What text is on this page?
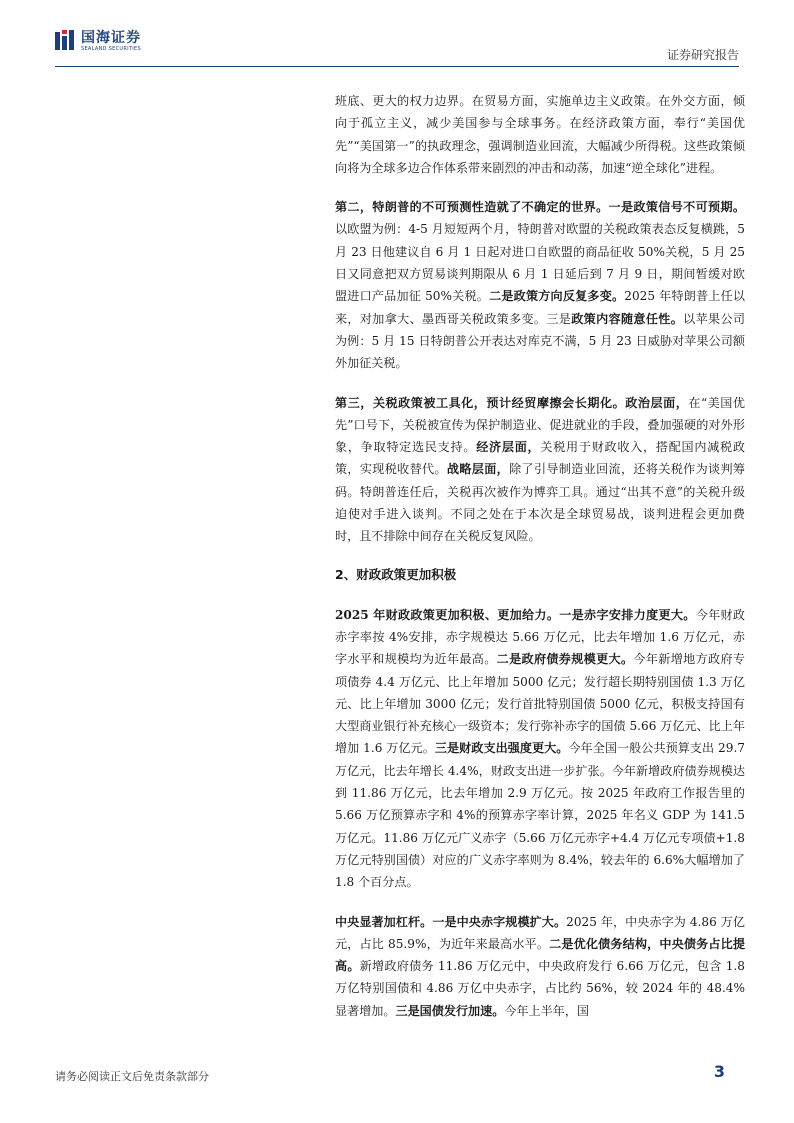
国海证券
SEALAND SECURITIES	证券研究报告

班底、更大的权力边界。在贸易方面，实施单边主义政策。在外交方面，倾向于孤立主义，减少美国参与全球事务。在经济政策方面，奉行“美国优先”“美国第一”的执政理念，强调制造业回流，大幅减少所得税。这些政策倾向将为全球多边合作体系带来剧烈的冲击和动荡，加速“逆全球化”进程。

第二，特朗普的不可预测性造就了不确定的世界。一是政策信号不可预期。以欧盟为例：4-5 月短短两个月，特朗普对欧盟的关税政策表态反复横跳，5 月 23 日他建议自 6 月 1 日起对进口自欧盟的商品征收 50%关税，5 月 25 日又同意把双方贸易谈判期限从 6 月 1 日延后到 7 月 9 日，期间暂缓对欧盟进口产品加征 50%关税。二是政策方向反复多变。2025 年特朗普上任以来，对加拿大、墨西哥关税政策多变。三是政策内容随意任性。以苹果公司为例：5 月 15 日特朗普公开表达对库克不满，5 月 23 日威胁对苹果公司额外加征关税。

第三，关税政策被工具化，预计经贸摩擦会长期化。政治层面，在“美国优先”口号下，关税被宣传为保护制造业、促进就业的手段，叠加强硬的对外形象，争取特定选民支持。经济层面，关税用于财政收入，搭配国内减税政策，实现税收替代。战略层面，除了引导制造业回流，还将关税作为谈判筹码。特朗普连任后，关税再次被作为博弈工具。通过“出其不意”的关税升级迫使对手进入谈判。不同之处在于本次是全球贸易战，谈判进程会更加费时，且不排除中间存在关税反复风险。

2、财政政策更加积极

2025 年财政政策更加积极、更加给力。一是赤字安排力度更大。今年财政赤字率按 4%安排，赤字规模达 5.66 万亿元，比去年增加 1.6 万亿元，赤字水平和规模均为近年最高。二是政府债券规模更大。今年新增地方政府专项债券 4.4 万亿元、比上年增加 5000 亿元；发行超长期特别国债 1.3 万亿元、比上年增加 3000 亿元；发行首批特别国债 5000 亿元，积极支持国有大型商业银行补充核心一级资本；发行弥补赤字的国债 5.66 万亿元、比上年增加 1.6 万亿元。三是财政支出强度更大。今年全国一般公共预算支出 29.7 万亿元，比去年增长 4.4%，财政支出进一步扩张。今年新增政府债券规模达到 11.86 万亿元，比去年增加 2.9 万亿元。按 2025 年政府工作报告里的 5.66 万亿预算赤字和 4%的预算赤字率计算，2025 年名义 GDP 为 141.5 万亿元。11.86 万亿元广义赤字（5.66 万亿元赤字+4.4 万亿元专项债+1.8 万亿元特别国债）对应的广义赤字率则为 8.4%，较去年的 6.6%大幅增加了 1.8 个百分点。

中央显著加杠杆。一是中央赤字规模扩大。2025 年，中央赤字为 4.86 万亿元，占比 85.9%，为近年来最高水平。二是优化债务结构，中央债务占比提高。新增政府债务 11.86 万亿元中，中央政府发行 6.66 万亿元，包含 1.8 万亿特别国债和 4.86 万亿中央赤字，占比约 56%，较 2024 年的 48.4%显著增加。三是国债发行加速。今年上半年，国

请务必阅读正文后免责条款部分	3
